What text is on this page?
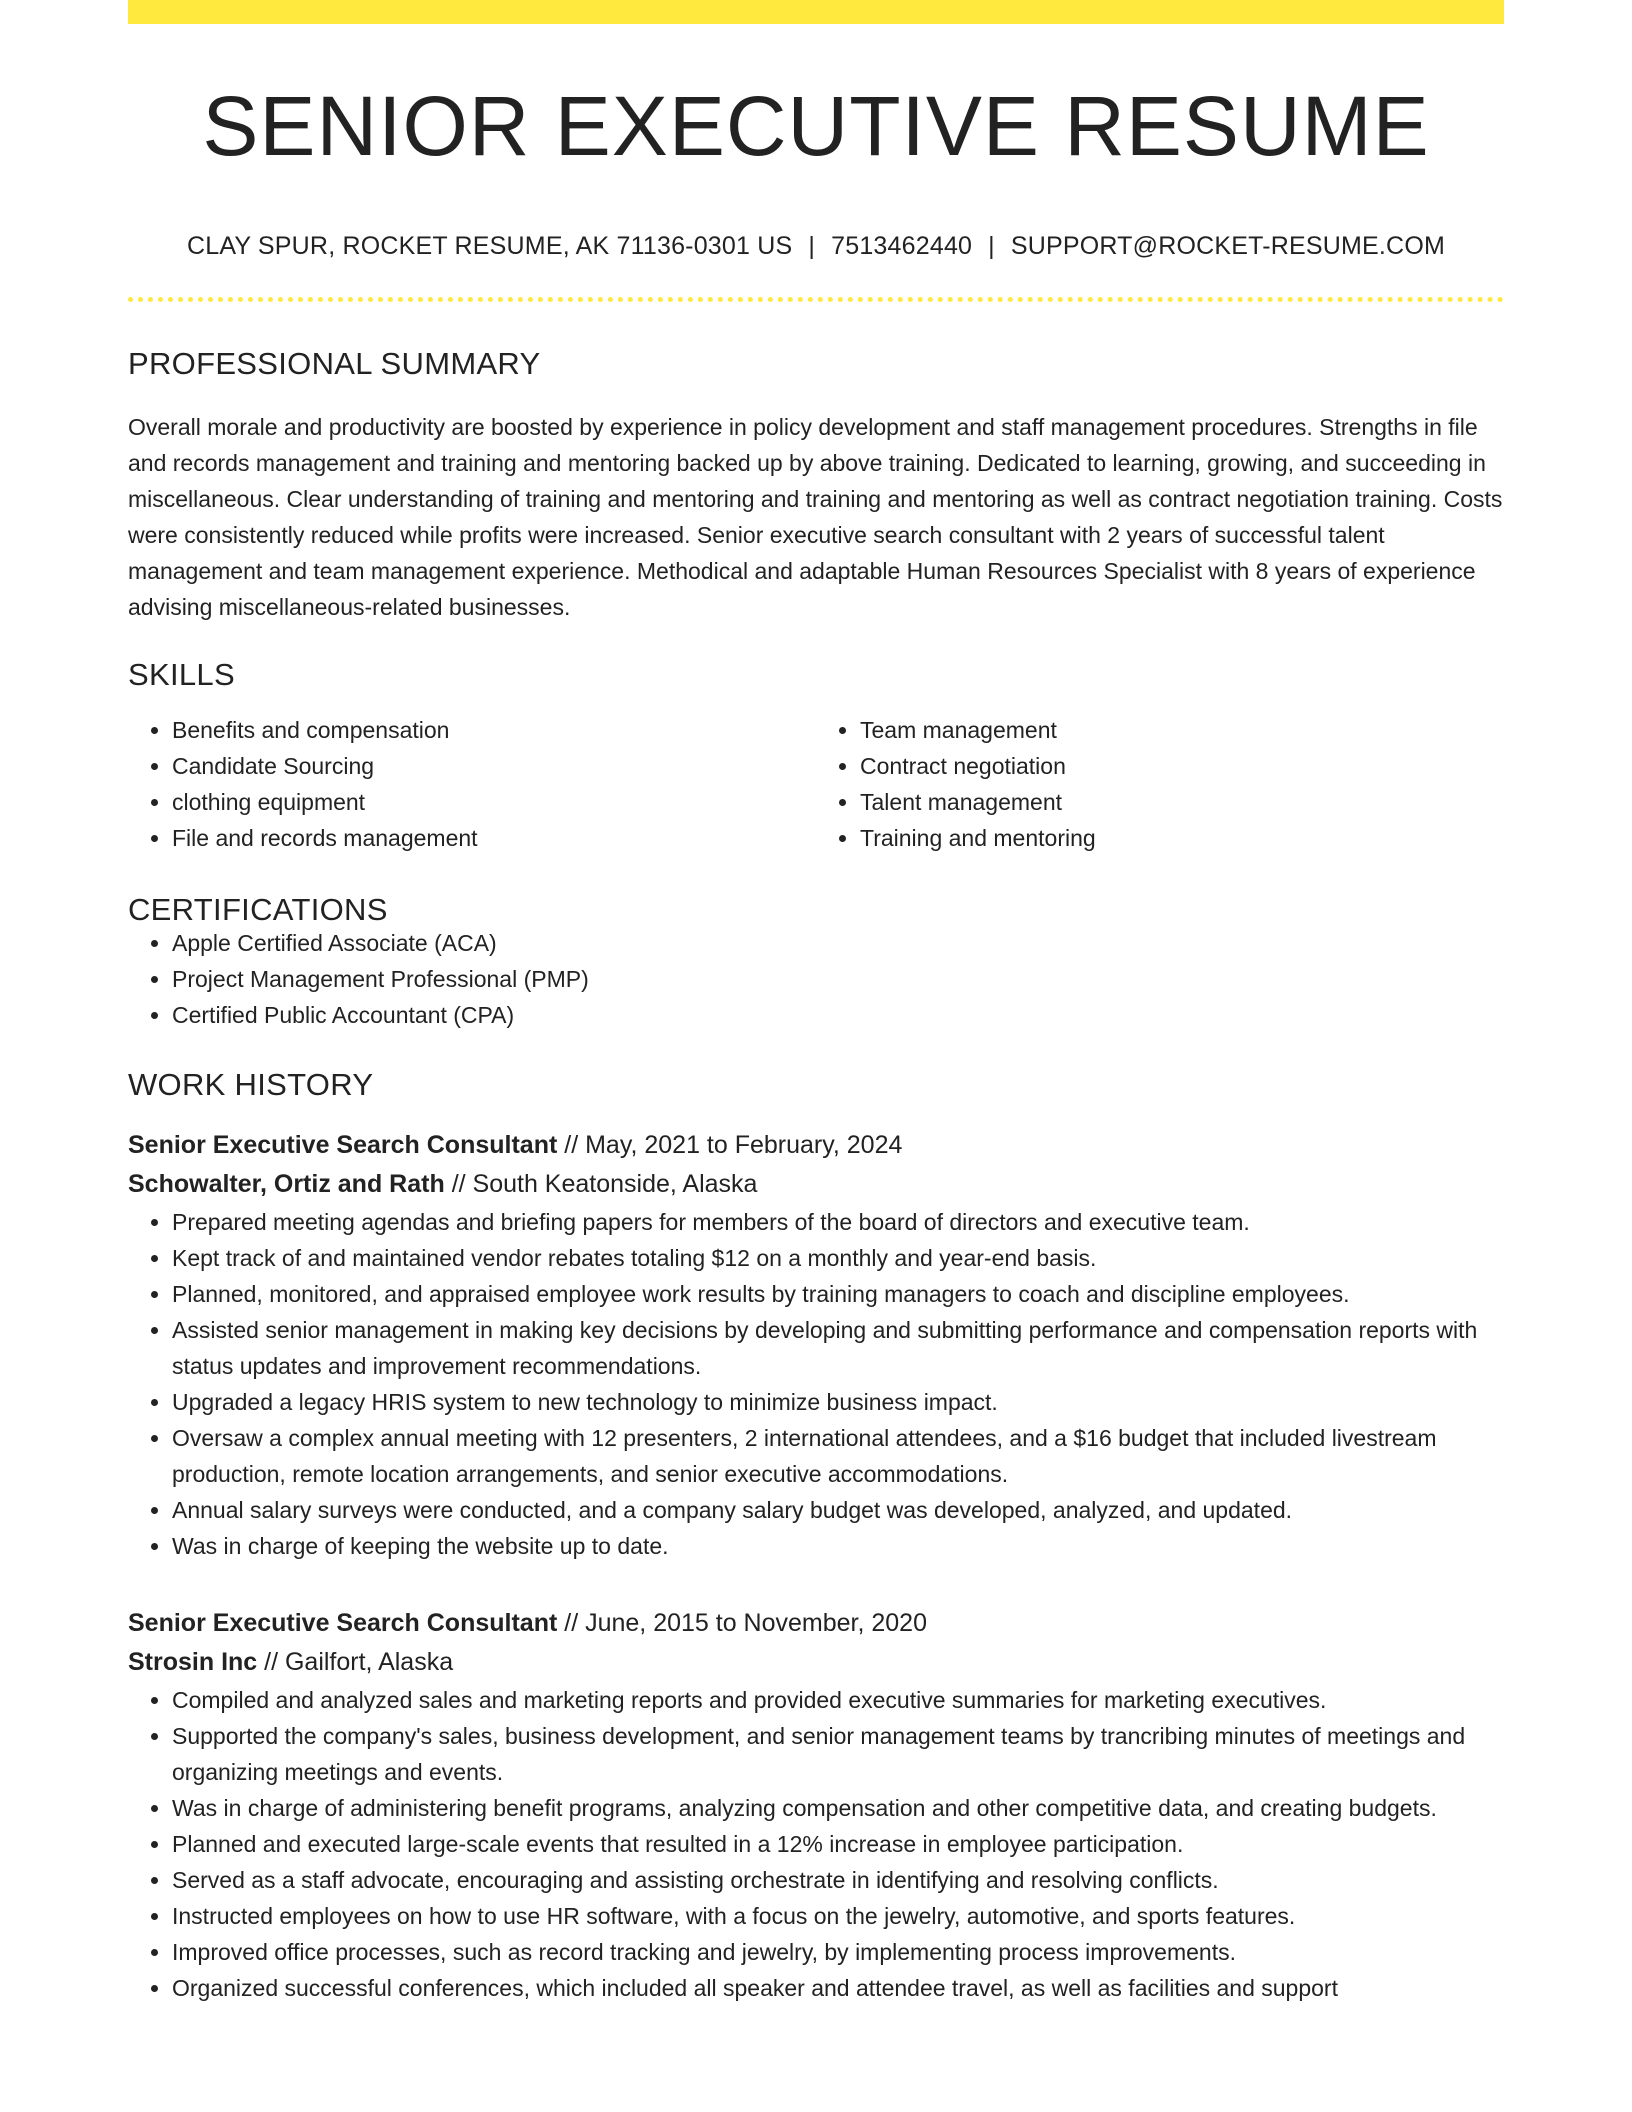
SENIOR EXECUTIVE RESUME
CLAY SPUR, ROCKET RESUME, AK 71136-0301 US | 7513462440 | SUPPORT@ROCKET-RESUME.COM
PROFESSIONAL SUMMARY
Overall morale and productivity are boosted by experience in policy development and staff management procedures. Strengths in file and records management and training and mentoring backed up by above training. Dedicated to learning, growing, and succeeding in miscellaneous. Clear understanding of training and mentoring and training and mentoring as well as contract negotiation training. Costs were consistently reduced while profits were increased. Senior executive search consultant with 2 years of successful talent management and team management experience. Methodical and adaptable Human Resources Specialist with 8 years of experience advising miscellaneous-related businesses.
SKILLS
• Benefits and compensation
• Candidate Sourcing
• clothing equipment
• File and records management
• Team management
• Contract negotiation
• Talent management
• Training and mentoring
CERTIFICATIONS
• Apple Certified Associate (ACA)
• Project Management Professional (PMP)
• Certified Public Accountant (CPA)
WORK HISTORY
Senior Executive Search Consultant // May, 2021 to February, 2024
Schowalter, Ortiz and Rath // South Keatonside, Alaska
• Prepared meeting agendas and briefing papers for members of the board of directors and executive team.
• Kept track of and maintained vendor rebates totaling $12 on a monthly and year-end basis.
• Planned, monitored, and appraised employee work results by training managers to coach and discipline employees.
• Assisted senior management in making key decisions by developing and submitting performance and compensation reports with status updates and improvement recommendations.
• Upgraded a legacy HRIS system to new technology to minimize business impact.
• Oversaw a complex annual meeting with 12 presenters, 2 international attendees, and a $16 budget that included livestream production, remote location arrangements, and senior executive accommodations.
• Annual salary surveys were conducted, and a company salary budget was developed, analyzed, and updated.
• Was in charge of keeping the website up to date.
Senior Executive Search Consultant // June, 2015 to November, 2020
Strosin Inc // Gailfort, Alaska
• Compiled and analyzed sales and marketing reports and provided executive summaries for marketing executives.
• Supported the company's sales, business development, and senior management teams by trancribing minutes of meetings and organizing meetings and events.
• Was in charge of administering benefit programs, analyzing compensation and other competitive data, and creating budgets.
• Planned and executed large-scale events that resulted in a 12% increase in employee participation.
• Served as a staff advocate, encouraging and assisting orchestrate in identifying and resolving conflicts.
• Instructed employees on how to use HR software, with a focus on the jewelry, automotive, and sports features.
• Improved office processes, such as record tracking and jewelry, by implementing process improvements.
• Organized successful conferences, which included all speaker and attendee travel, as well as facilities and support
